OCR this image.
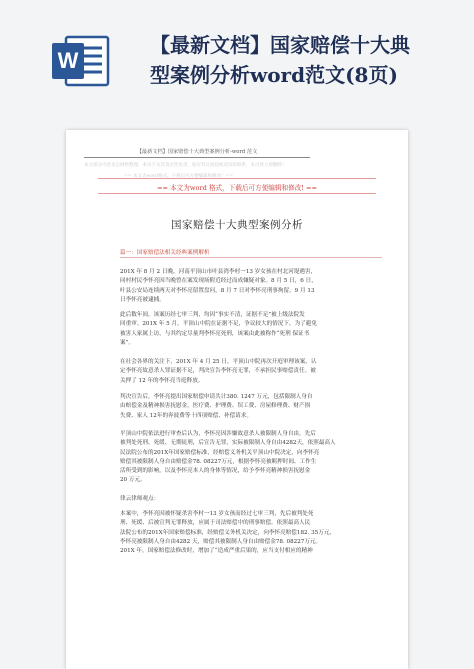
W
【最新文档】国家赔偿十大典
型案例分析word范文(8页)
【最新文档】国家赔偿十大典型案例分析-word 范文
本文部分内容来自网络整理，本司不为其真实性负责，如有异议或侵权请及时联系，本司将立即删除！
== 本文为word格式，下载后可方便编辑和修改！==
== 本文为word 格式，下载后可方便编辑和修改! ==
国家赔偿十大典型案例分析
篇一：国家赔偿法相关经典案例解析
201X 年 8 月 2 日晚，河南平顶山市叶县湾李村一13 岁女孩在村北河堤遇害，
同村村民李怀亮因当晚曾在案发现场附近经过而成嫌疑对象。8 月 5 日，6 日，
叶县公安局连续两天对李怀亮留置盘问，8 月 7 日对李怀亮刑事拘留，9 月 13
日李怀亮被逮捕。
此后数年间，该案历经七审三判，均因“事实不清，证据不足”被上级法院发
回重审。201X 年 5 月，平顶山中院在证据不足，争议较大的情况下，为了避免
被害人家属上访，与其约定尽量判李怀亮死刑，该案由此被称作“死刑 保证书
案”。
在社会各界的关注下，201X 年 4 月 25 日，平顶山中院再次开庭审理该案，认
定李怀亮故意杀人罪证据不足，判决宣告李怀亮无罪，不承担民事赔偿责任。被
关押了 12 年的李怀亮当庭释放。
判决宣告后，李怀亮提出国家赔偿申请共计380. 1247 万元，包括限制人身自
由赔偿金及精神损害抚慰金，医疗费、护理费、误工费、房屋修理费、财产损
失费、家人 12年的奔波费等十四项赔偿、补偿请求。
平顶山中院依法进行审查后认为，李怀亮因涉嫌故意杀人被限制人身自由，先后
被判处死刑、死缓、无期徒刑，后宣告无罪，实际被限制人身自由4282天，依照最高人
民法院公布的201X年国家赔偿标准，经赔偿义务机关平顶山中院决定，向李怀亮
赔偿其被限制人身自由赔偿金78. 08227万元，根据李怀亮被羁押时间、工作生
活所受到的影响，以及李怀亮本人的身体等情况，给予李怀亮精神损害抚慰金
20 万元。
律云律师观点：
本案中，李怀亮因被怀疑杀害李村一13 岁女孩而经过七审三判，先后被判处死
刑、死缓、后被宣判无罪释放，应属于司法赔偿中的刑事赔偿。依照最高人民
法院公布的201X年国家赔偿标准，经赔偿义务机关决定，向李怀亮赔偿182. 35万元，
李怀亮被限制人身自由4282 天，赔偿其被限制人身自由赔偿金78. 08227万元。
201X 年，国家赔偿法修改时，增加了“造成严重后果的，应当支付相应的精神
